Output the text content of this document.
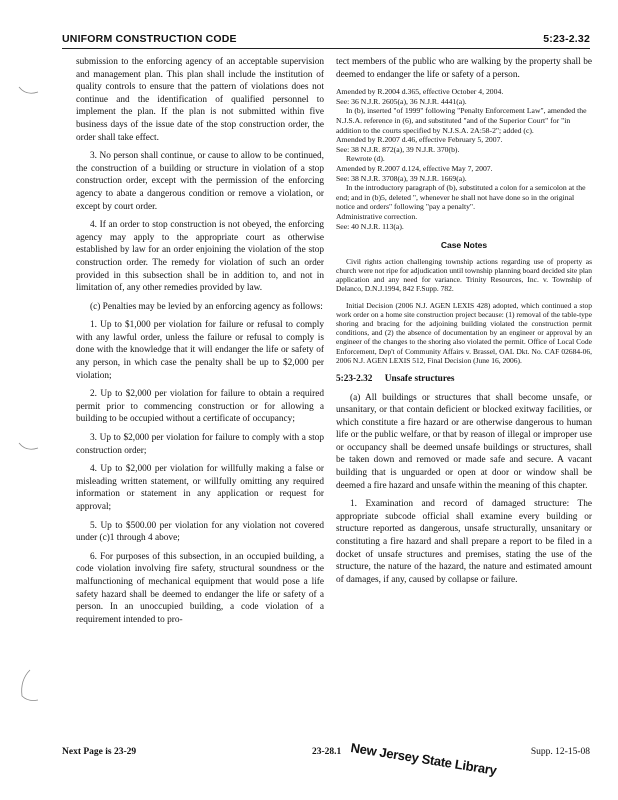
UNIFORM CONSTRUCTION CODE	5:23-2.32

submission to the enforcing agency of an acceptable supervision and management plan. This plan shall include the institution of quality controls to ensure that the pattern of violations does not continue and the identification of qualified personnel to implement the plan. If the plan is not submitted within five business days of the issue date of the stop construction order, the order shall take effect.

3. No person shall continue, or cause to allow to be continued, the construction of a building or structure in violation of a stop construction order, except with the permission of the enforcing agency to abate a dangerous condition or remove a violation, or except by court order.

4. If an order to stop construction is not obeyed, the enforcing agency may apply to the appropriate court as otherwise established by law for an order enjoining the violation of the stop construction order. The remedy for violation of such an order provided in this subsection shall be in addition to, and not in limitation of, any other remedies provided by law.

(c) Penalties may be levied by an enforcing agency as follows:

1. Up to $1,000 per violation for failure or refusal to comply with any lawful order, unless the failure or refusal to comply is done with the knowledge that it will endanger the life or safety of any person, in which case the penalty shall be up to $2,000 per violation;

2. Up to $2,000 per violation for failure to obtain a required permit prior to commencing construction or for allowing a building to be occupied without a certificate of occupancy;

3. Up to $2,000 per violation for failure to comply with a stop construction order;

4. Up to $2,000 per violation for willfully making a false or misleading written statement, or willfully omitting any required information or statement in any application or request for approval;

5. Up to $500.00 per violation for any violation not covered under (c)1 through 4 above;

6. For purposes of this subsection, in an occupied building, a code violation involving fire safety, structural soundness or the malfunctioning of mechanical equipment that would pose a life safety hazard shall be deemed to endanger the life or safety of a person. In an unoccupied building, a code violation of a requirement intended to pro-

tect members of the public who are walking by the property shall be deemed to endanger the life or safety of a person.

Amended by R.2004 d.365, effective October 4, 2004.

See: 36 N.J.R. 2605(a), 36 N.J.R. 4441(a).

In (b), inserted "of 1999" following "Penalty Enforcement Law", amended the N.J.S.A. reference in (6), and substituted "and of the Superior Court" for "in addition to the courts specified by N.J.S.A. 2A:58-2"; added (c).

Amended by R.2007 d.46, effective February 5, 2007.

See: 38 N.J.R. 872(a), 39 N.J.R. 370(b).

Rewrote (d).

Amended by R.2007 d.124, effective May 7, 2007.

See: 38 N.J.R. 3708(a), 39 N.J.R. 1669(a).

In the introductory paragraph of (b), substituted a colon for a semicolon at the end; and in (b)5, deleted ", whenever he shall not have done so in the original notice and orders" following "pay a penalty".

Administrative correction.

See: 40 N.J.R. 113(a).

Case Notes

Civil rights action challenging township actions regarding use of property as church were not ripe for adjudication until township planning board decided site plan application and any need for variance. Trinity Resources, Inc. v. Township of Delanco, D.N.J.1994, 842 F.Supp. 782.

Initial Decision (2006 N.J. AGEN LEXIS 428) adopted, which continued a stop work order on a home site construction project because: (1) removal of the table-type shoring and bracing for the adjoining building violated the construction permit conditions, and (2) the absence of documentation by an engineer or approval by an engineer of the changes to the shoring also violated the permit. Office of Local Code Enforcement, Dep't of Community Affairs v. Brassel, OAL Dkt. No. CAF 02684-06, 2006 N.J. AGEN LEXIS 512, Final Decision (June 16, 2006).

5:23-2.32 Unsafe structures

(a) All buildings or structures that shall become unsafe, or unsanitary, or that contain deficient or blocked exitway facilities, or which constitute a fire hazard or are otherwise dangerous to human life or the public welfare, or that by reason of illegal or improper use or occupancy shall be deemed unsafe buildings or structures, shall be taken down and removed or made safe and secure. A vacant building that is unguarded or open at door or window shall be deemed a fire hazard and unsafe within the meaning of this chapter.

1. Examination and record of damaged structure: The appropriate subcode official shall examine every building or structure reported as dangerous, unsafe structurally, unsanitary or constituting a fire hazard and shall prepare a report to be filed in a docket of unsafe structures and premises, stating the use of the structure, the nature of the hazard, the nature and estimated amount of damages, if any, caused by collapse or failure.

Next Page is 23-29	23-28.1	Supp. 12-15-08
New Jersey State Library
